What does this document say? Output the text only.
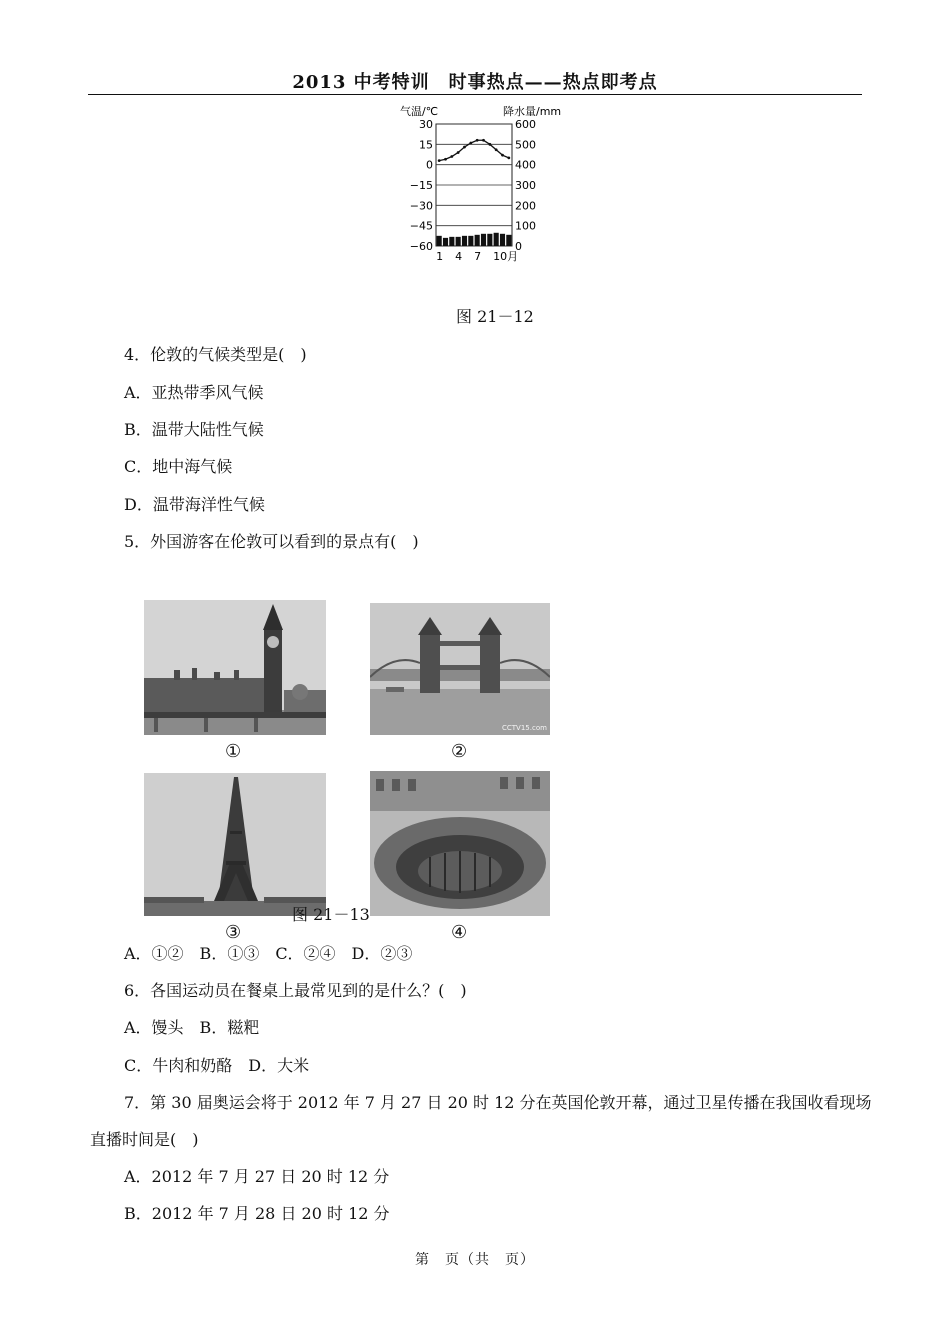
2013 中考特训　时事热点——热点即考点
气温/℃	降水量/mm
30
15
0
−15
−30
−45
−60
600
500
400
300
200
100
0
1 4 7 10月
图 21－12
4．伦敦的气候类型是(　)
A．亚热带季风气候
B．温带大陆性气候
C．地中海气候
D．温带海洋性气候
5．外国游客在伦敦可以看到的景点有(　)
①
CCTV15.com
②
③	④
图 21－13
A．①②　B．①③　C．②④　D．②③
6．各国运动员在餐桌上最常见到的是什么？(　)
A．馒头　B．糍粑
C．牛肉和奶酪　D．大米
7．第 30 届奥运会将于 2012 年 7 月 27 日 20 时 12 分在英国伦敦开幕，通过卫星传播在我国收看现场
直播时间是(　)
A．2012 年 7 月 27 日 20 时 12 分
B．2012 年 7 月 28 日 20 时 12 分
第　页（共　页）
